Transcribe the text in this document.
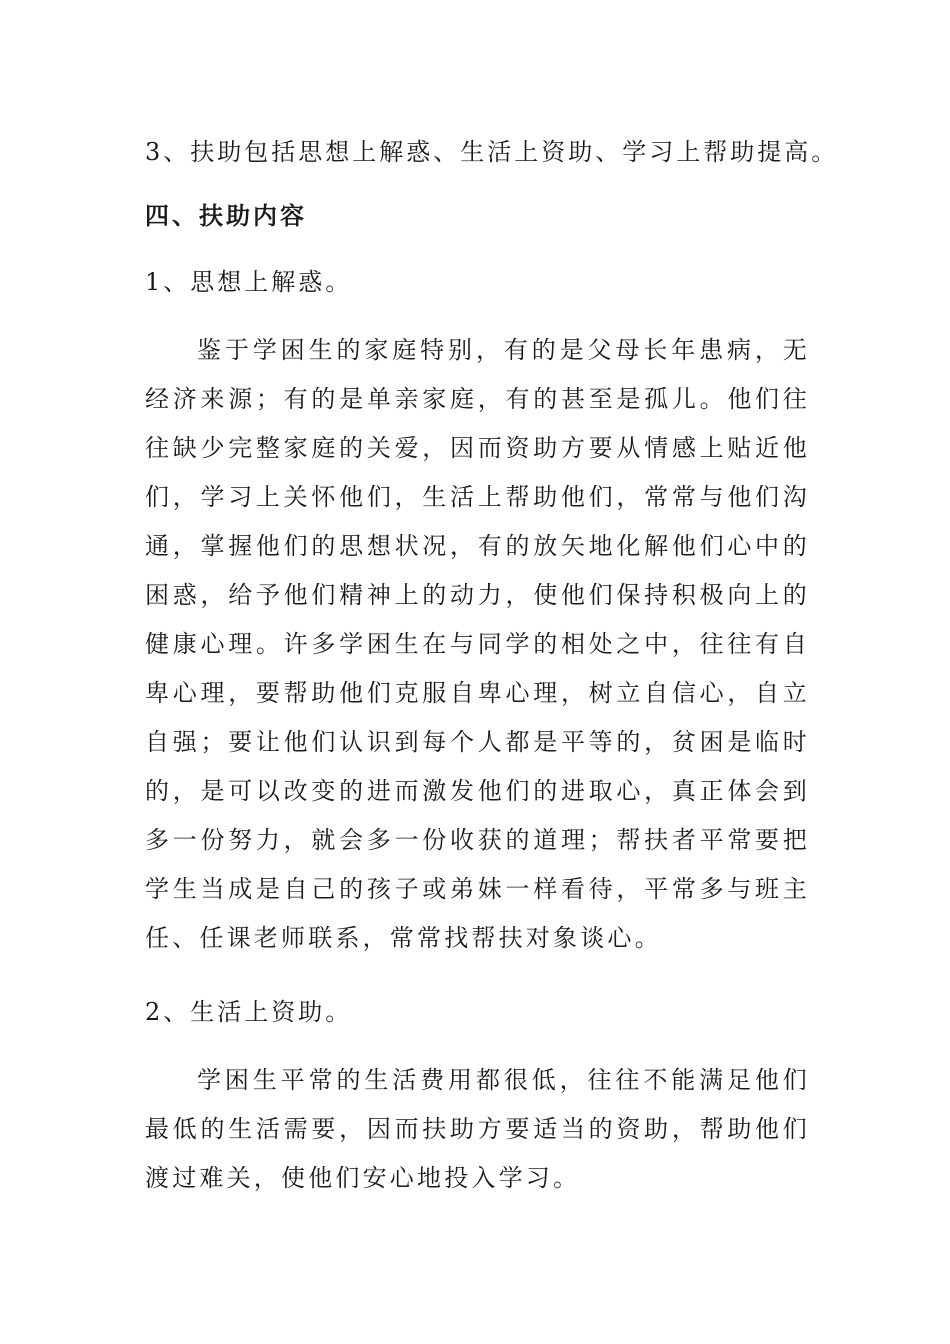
3、扶助包括思想上解惑、生活上资助、学习上帮助提高。
四、扶助内容
1、思想上解惑。
鉴于学困生的家庭特别，有的是父母长年患病，无经济来源；有的是单亲家庭，有的甚至是孤儿。他们往往缺少完整家庭的关爱，因而资助方要从情感上贴近他们，学习上关怀他们，生活上帮助他们，常常与他们沟通，掌握他们的思想状况，有的放矢地化解他们心中的困惑，给予他们精神上的动力，使他们保持积极向上的健康心理。许多学困生在与同学的相处之中，往往有自卑心理，要帮助他们克服自卑心理，树立自信心，自立自强；要让他们认识到每个人都是平等的，贫困是临时的，是可以改变的进而激发他们的进取心，真正体会到多一份努力，就会多一份收获的道理；帮扶者平常要把学生当成是自己的孩子或弟妹一样看待，平常多与班主任、任课老师联系，常常找帮扶对象谈心。
2、生活上资助。
学困生平常的生活费用都很低，往往不能满足他们最低的生活需要，因而扶助方要适当的资助，帮助他们渡过难关，使他们安心地投入学习。
